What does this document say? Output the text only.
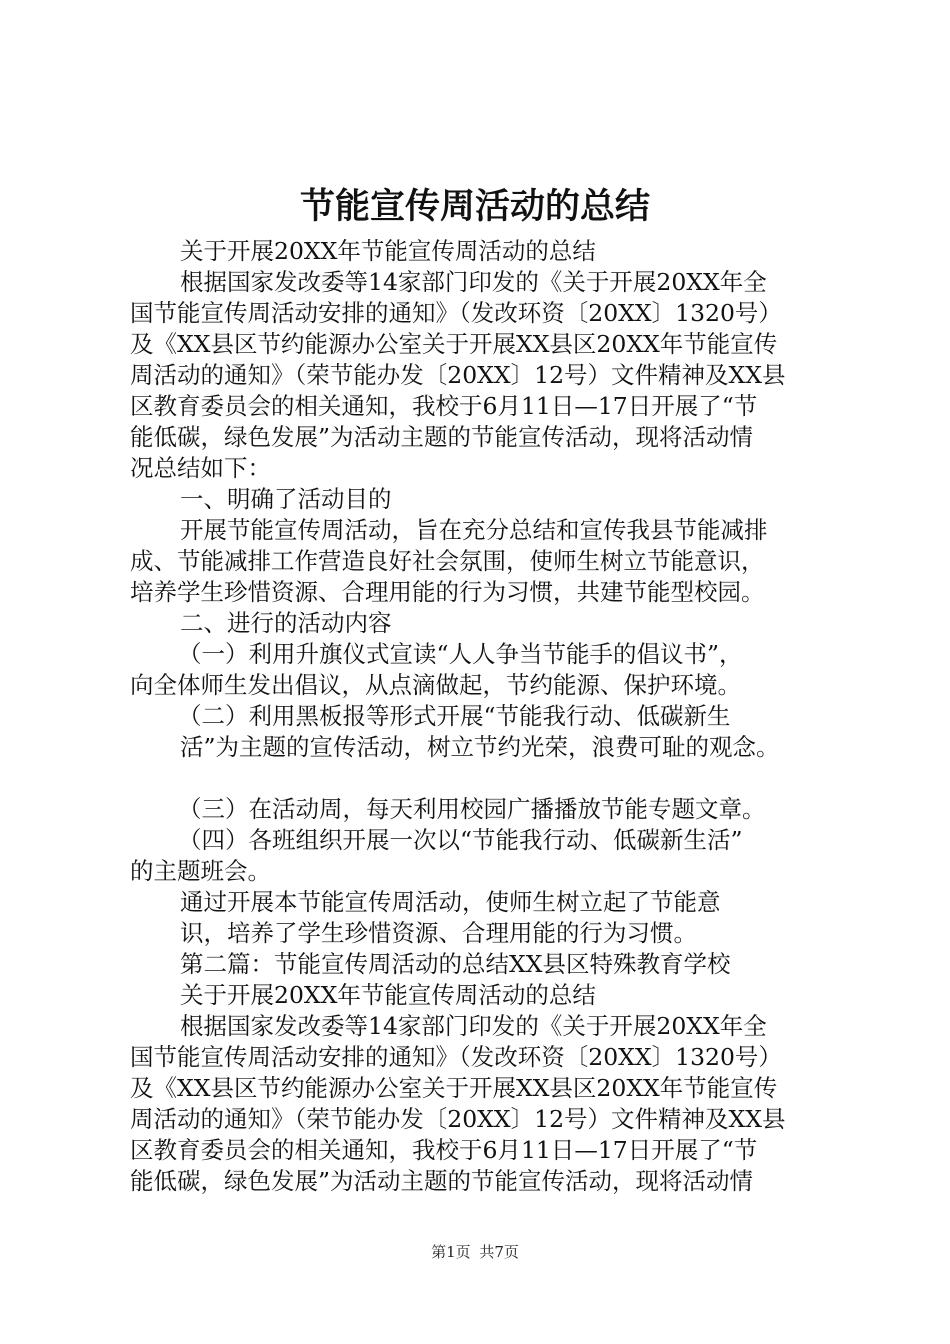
节能宣传周活动的总结

关于开展20XX年节能宣传周活动的总结

根据国家发改委等14家部门印发的《关于开展20XX年全

国节能宣传周活动安排的通知》（发改环资〔20XX〕1320号）

及《XX县区节约能源办公室关于开展XX县区20XX年节能宣传

周活动的通知》（荣节能办发〔20XX〕12号）文件精神及XX县

区教育委员会的相关通知，我校于6月11日—17日开展了“节

能低碳，绿色发展”为活动主题的节能宣传活动，现将活动情

况总结如下：

一、明确了活动目的

开展节能宣传周活动，旨在充分总结和宣传我县节能减排

成、节能减排工作营造良好社会氛围，使师生树立节能意识，

培养学生珍惜资源、合理用能的行为习惯，共建节能型校园。

二、进行的活动内容

（一）利用升旗仪式宣读“人人争当节能手的倡议书”，

向全体师生发出倡议，从点滴做起，节约能源、保护环境。

（二）利用黑板报等形式开展“节能我行动、低碳新生

活”为主题的宣传活动，树立节约光荣，浪费可耻的观念。

（三）在活动周，每天利用校园广播播放节能专题文章。

（四）各班组织开展一次以“节能我行动、低碳新生活”

的主题班会。

通过开展本节能宣传周活动，使师生树立起了节能意

识，培养了学生珍惜资源、合理用能的行为习惯。

第二篇：节能宣传周活动的总结XX县区特殊教育学校

关于开展20XX年节能宣传周活动的总结

根据国家发改委等14家部门印发的《关于开展20XX年全

国节能宣传周活动安排的通知》（发改环资〔20XX〕1320号）

及《XX县区节约能源办公室关于开展XX县区20XX年节能宣传

周活动的通知》（荣节能办发〔20XX〕12号）文件精神及XX县

区教育委员会的相关通知，我校于6月11日—17日开展了“节

能低碳，绿色发展”为活动主题的节能宣传活动，现将活动情

第1页 共7页
